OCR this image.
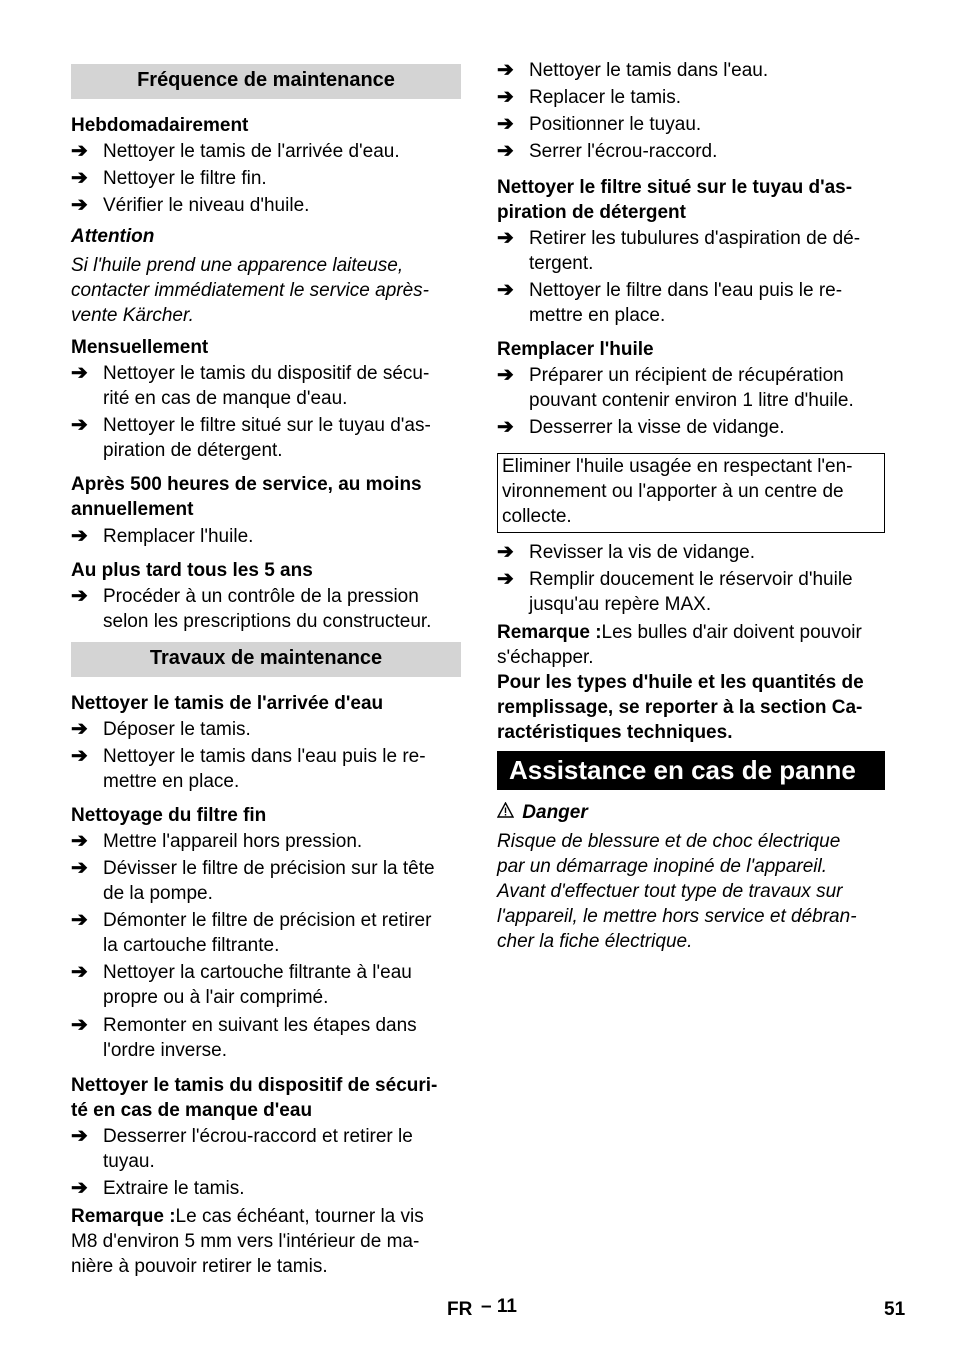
Fréquence de maintenance
Hebdomadairement
➔ Nettoyer le tamis de l'arrivée d'eau.
➔ Nettoyer le filtre fin.
➔ Vérifier le niveau d'huile.
Attention
Si l'huile prend une apparence laiteuse,
contacter immédiatement le service après-
vente Kärcher.
Mensuellement
➔ Nettoyer le tamis du dispositif de sécu-
rité en cas de manque d'eau.
➔ Nettoyer le filtre situé sur le tuyau d'as-
piration de détergent.
Après 500 heures de service, au moins
annuellement
➔ Remplacer l'huile.
Au plus tard tous les 5 ans
➔ Procéder à un contrôle de la pression
selon les prescriptions du constructeur.
Travaux de maintenance
Nettoyer le tamis de l'arrivée d'eau
➔ Déposer le tamis.
➔ Nettoyer le tamis dans l'eau puis le re-
mettre en place.
Nettoyage du filtre fin
➔ Mettre l'appareil hors pression.
➔ Dévisser le filtre de précision sur la tête
de la pompe.
➔ Démonter le filtre de précision et retirer
la cartouche filtrante.
➔ Nettoyer la cartouche filtrante à l'eau
propre ou à l'air comprimé.
➔ Remonter en suivant les étapes dans
l'ordre inverse.
Nettoyer le tamis du dispositif de sécuri-
té en cas de manque d'eau
➔ Desserrer l'écrou-raccord et retirer le
tuyau.
➔ Extraire le tamis.
Remarque :Le cas échéant, tourner la vis
M8 d'environ 5 mm vers l'intérieur de ma-
nière à pouvoir retirer le tamis.
➔ Nettoyer le tamis dans l'eau.
➔ Replacer le tamis.
➔ Positionner le tuyau.
➔ Serrer l'écrou-raccord.
Nettoyer le filtre situé sur le tuyau d'as-
piration de détergent
➔ Retirer les tubulures d'aspiration de dé-
tergent.
➔ Nettoyer le filtre dans l'eau puis le re-
mettre en place.
Remplacer l'huile
➔ Préparer un récipient de récupération
pouvant contenir environ 1 litre d'huile.
➔ Desserrer la visse de vidange.
Eliminer l'huile usagée en respectant l'en-
vironnement ou l'apporter à un centre de
collecte.
➔ Revisser la vis de vidange.
➔ Remplir doucement le réservoir d'huile
jusqu'au repère MAX.
Remarque :Les bulles d'air doivent pouvoir
s'échapper.
Pour les types d'huile et les quantités de
remplissage, se reporter à la section Ca-
ractéristiques techniques.
Assistance en cas de panne
Danger
Risque de blessure et de choc électrique
par un démarrage inopiné de l'appareil.
Avant d'effectuer tout type de travaux sur
l'appareil, le mettre hors service et débran-
cher la fiche électrique.
FR – 11	51
